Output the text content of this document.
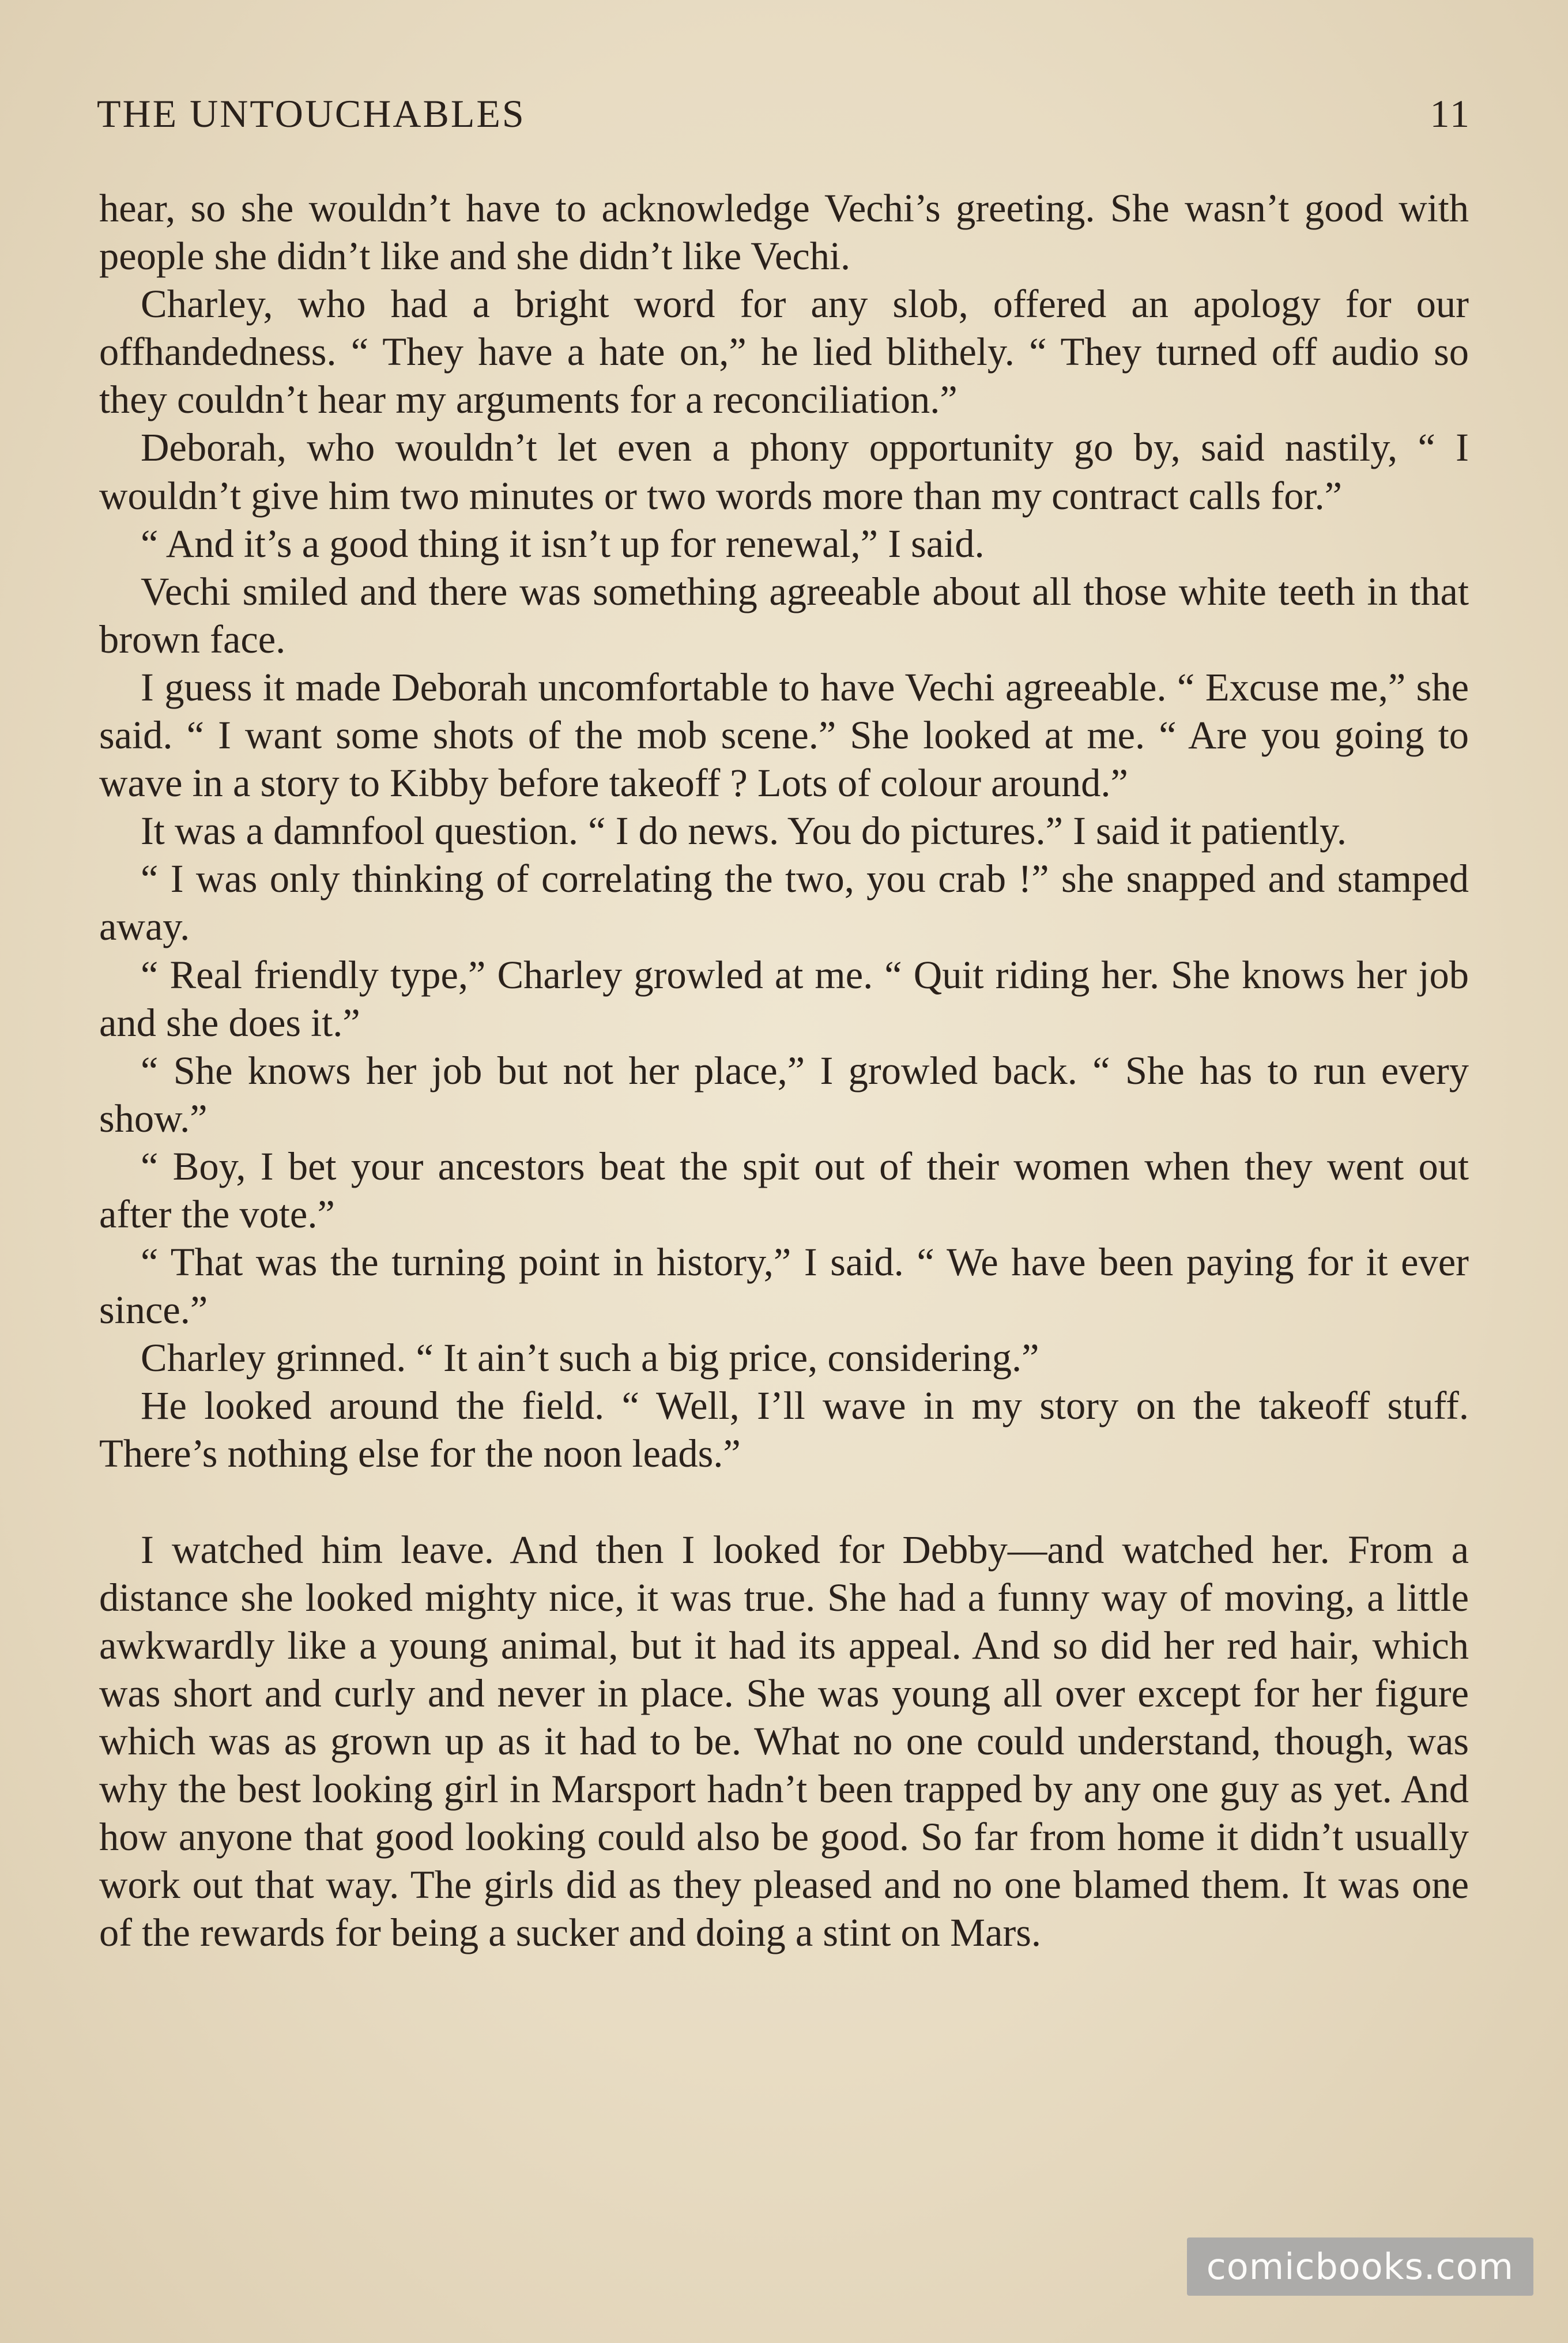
THE UNTOUCHABLES	11

hear, so she wouldn’t have to acknowledge Vechi’s greeting. She wasn’t good with people she didn’t like and she didn’t like Vechi.

Charley, who had a bright word for any slob, offered an apology for our offhandedness. “ They have a hate on,” he lied blithely. “ They turned off audio so they couldn’t hear my arguments for a reconciliation.”

Deborah, who wouldn’t let even a phony opportunity go by, said nastily, “ I wouldn’t give him two minutes or two words more than my contract calls for.”

“ And it’s a good thing it isn’t up for renewal,” I said.

Vechi smiled and there was something agreeable about all those white teeth in that brown face.

I guess it made Deborah uncomfortable to have Vechi agreeable. “ Excuse me,” she said. “ I want some shots of the mob scene.” She looked at me. “ Are you going to wave in a story to Kibby before takeoff ? Lots of colour around.”

It was a damnfool question. “ I do news. You do pictures.” I said it patiently.

“ I was only thinking of correlating the two, you crab !” she snapped and stamped away.

“ Real friendly type,” Charley growled at me. “ Quit riding her. She knows her job and she does it.”

“ She knows her job but not her place,” I growled back. “ She has to run every show.”

“ Boy, I bet your ancestors beat the spit out of their women when they went out after the vote.”

“ That was the turning point in history,” I said. “ We have been paying for it ever since.”

Charley grinned. “ It ain’t such a big price, considering.”

He looked around the field. “ Well, I’ll wave in my story on the takeoff stuff. There’s nothing else for the noon leads.”

I watched him leave. And then I looked for Debby—and watched her. From a distance she looked mighty nice, it was true. She had a funny way of moving, a little awkwardly like a young animal, but it had its appeal. And so did her red hair, which was short and curly and never in place. She was young all over except for her figure which was as grown up as it had to be. What no one could understand, though, was why the best looking girl in Marsport hadn’t been trapped by any one guy as yet. And how anyone that good looking could also be good. So far from home it didn’t usually work out that way. The girls did as they pleased and no one blamed them. It was one of the rewards for being a sucker and doing a stint on Mars.

comicbooks.com
